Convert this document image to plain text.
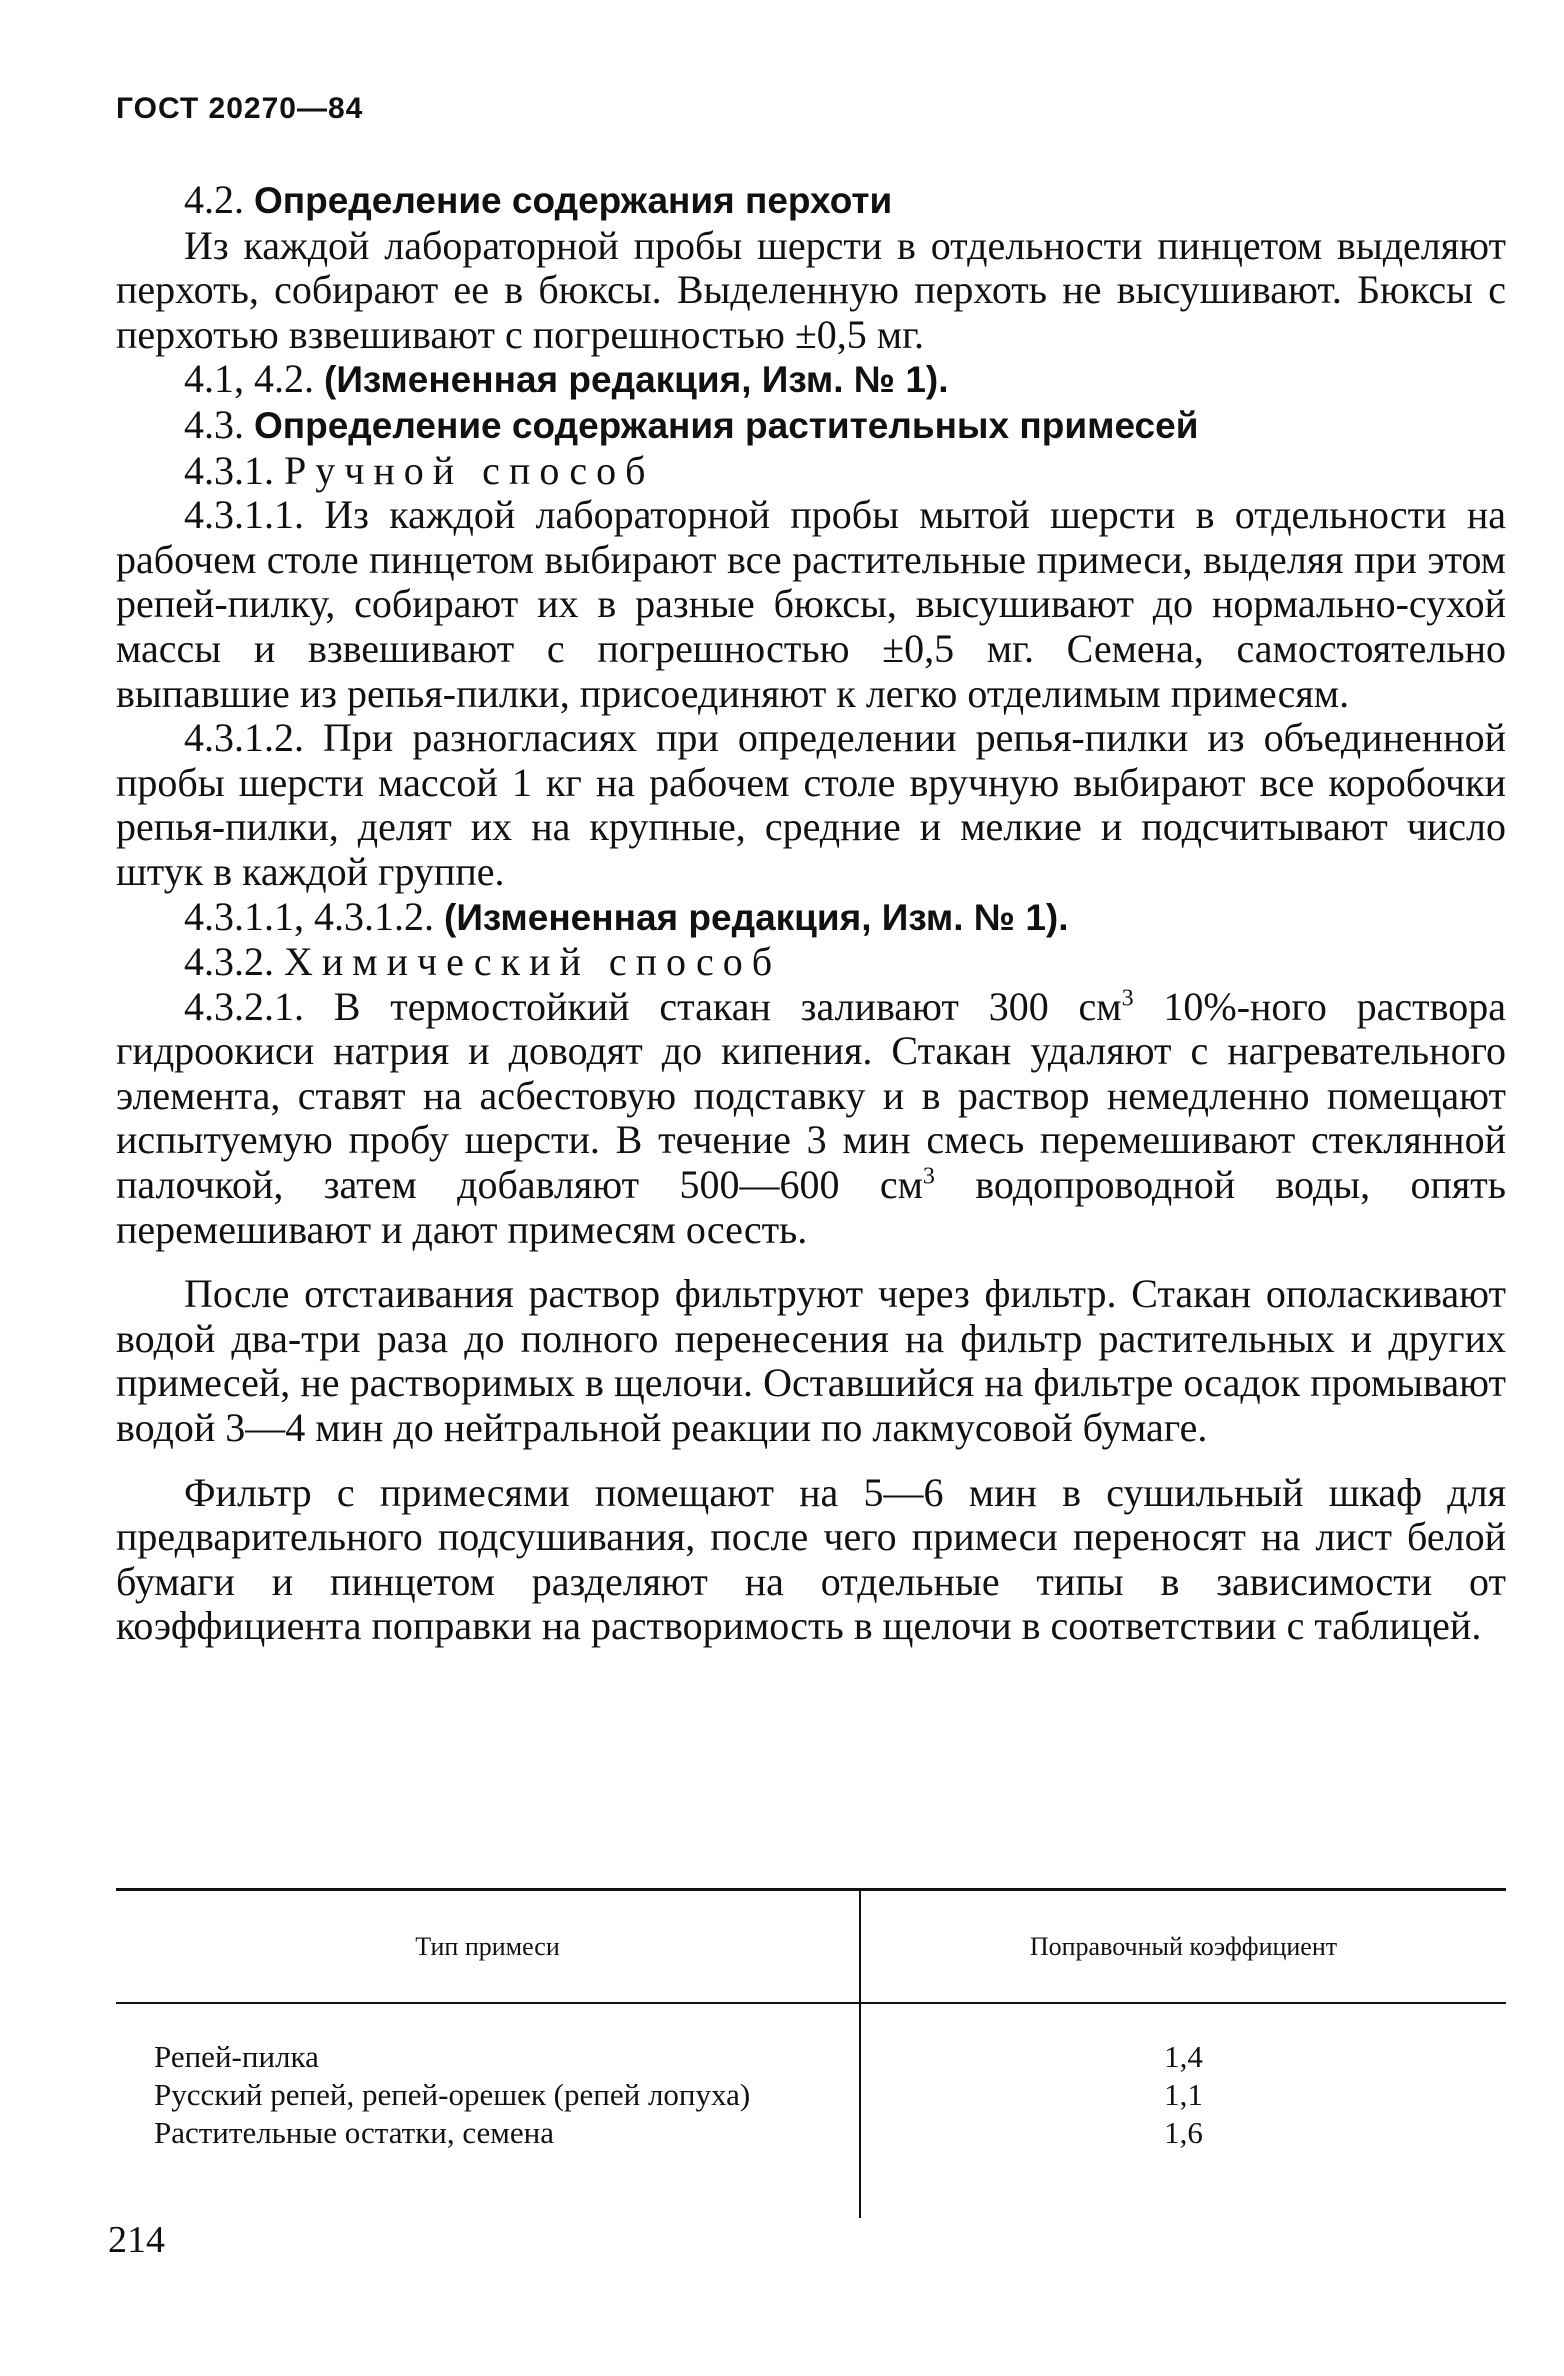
ГОСТ 20270—84

4.2. Определение содержания перхоти

Из каждой лабораторной пробы шерсти в отдельности пинцетом выделяют перхоть, собирают ее в бюксы. Выделенную перхоть не высушивают. Бюксы с перхотью взвешивают с погрешностью ±0,5 мг.

4.1, 4.2. (Измененная редакция, Изм. № 1).

4.3. Определение содержания растительных примесей

4.3.1. Ручной способ

4.3.1.1. Из каждой лабораторной пробы мытой шерсти в отдельности на рабочем столе пинцетом выбирают все растительные примеси, выделяя при этом репей-пилку, собирают их в разные бюксы, высушивают до нормально-сухой массы и взвешивают с погрешностью ±0,5 мг. Семена, самостоятельно выпавшие из репья-пилки, присоединяют к легко отделимым примесям.

4.3.1.2. При разногласиях при определении репья-пилки из объединенной пробы шерсти массой 1 кг на рабочем столе вручную выбирают все коробочки репья-пилки, делят их на крупные, средние и мелкие и подсчитывают число штук в каждой группе.

4.3.1.1, 4.3.1.2. (Измененная редакция, Изм. № 1).

4.3.2. Химический способ

4.3.2.1. В термостойкий стакан заливают 300 $см^3$ 10%-ного раствора гидроокиси натрия и доводят до кипения. Стакан удаляют с нагревательного элемента, ставят на асбестовую подставку и в раствор немедленно помещают испытуемую пробу шерсти. В течение 3 мин смесь перемешивают стеклянной палочкой, затем добавляют 500—600 $см^3$ водопроводной воды, опять перемешивают и дают примесям осесть.

После отстаивания раствор фильтруют через фильтр. Стакан ополаскивают водой два-три раза до полного перенесения на фильтр растительных и других примесей, не растворимых в щелочи. Оставшийся на фильтре осадок промывают водой 3—4 мин до нейтральной реакции по лакмусовой бумаге.

Фильтр с примесями помещают на 5—6 мин в сушильный шкаф для предварительного подсушивания, после чего примеси переносят на лист белой бумаги и пинцетом разделяют на отдельные типы в зависимости от коэффициента поправки на растворимость в щелочи в соответствии с таблицей.

Тип примеси	Поправочный коэффициент
Репей-пилка	1,4
Русский репей, репей-орешек (репей лопуха)	1,1
Растительные остатки, семена	1,6
214
